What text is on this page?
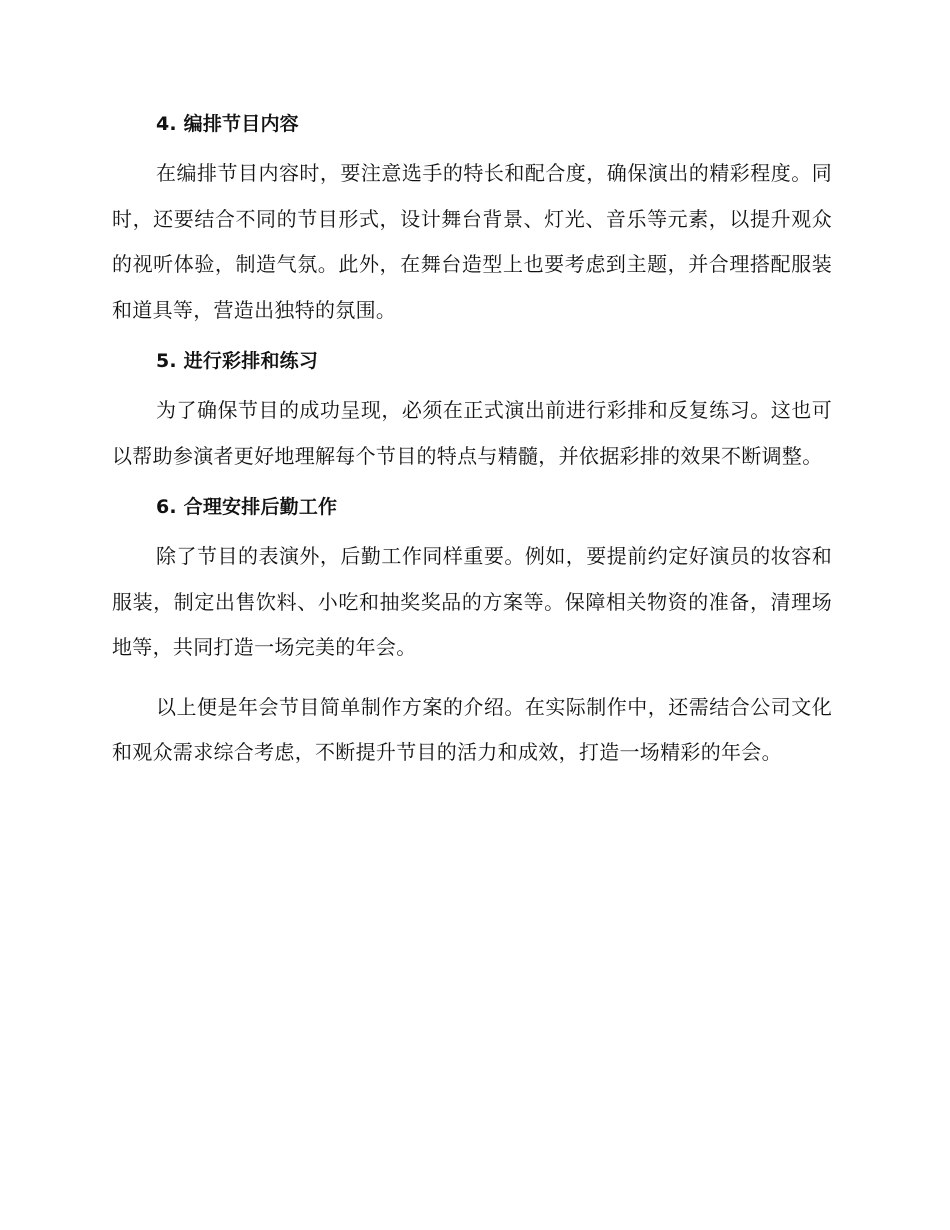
4. 编排节目内容

在编排节目内容时，要注意选手的特长和配合度，确保演出的精彩程度。同时，还要结合不同的节目形式，设计舞台背景、灯光、音乐等元素，以提升观众的视听体验，制造气氛。此外，在舞台造型上也要考虑到主题，并合理搭配服装和道具等，营造出独特的氛围。

5. 进行彩排和练习

为了确保节目的成功呈现，必须在正式演出前进行彩排和反复练习。这也可以帮助参演者更好地理解每个节目的特点与精髓，并依据彩排的效果不断调整。

6. 合理安排后勤工作

除了节目的表演外，后勤工作同样重要。例如，要提前约定好演员的妆容和服装，制定出售饮料、小吃和抽奖奖品的方案等。保障相关物资的准备，清理场地等，共同打造一场完美的年会。

以上便是年会节目简单制作方案的介绍。在实际制作中，还需结合公司文化和观众需求综合考虑，不断提升节目的活力和成效，打造一场精彩的年会。
